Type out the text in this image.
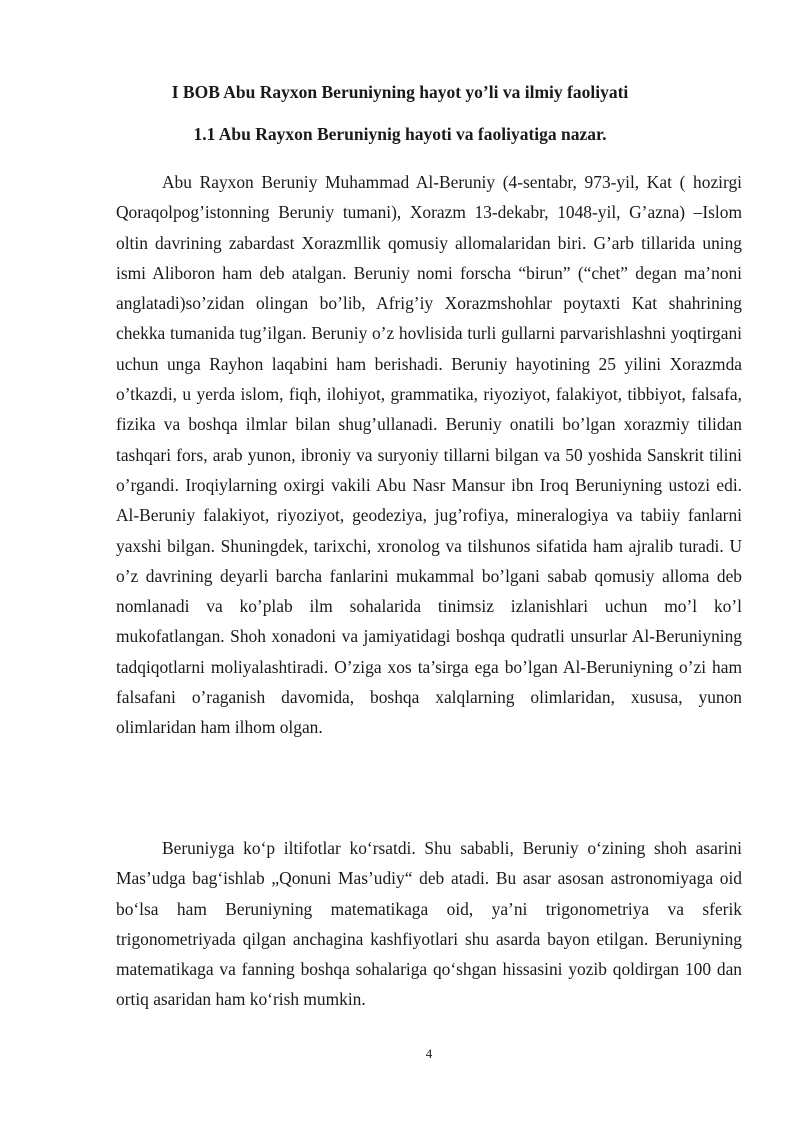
I BOB Abu Rayxon Beruniyning hayot yo’li va ilmiy faoliyati
1.1 Abu Rayxon Beruniynig hayoti va faoliyatiga nazar.

Abu Rayxon Beruniy Muhammad Al-Beruniy (4-sentabr, 973-yil, Kat ( hozirgi Qoraqolpog’istonning Beruniy tumani), Xorazm 13-dekabr, 1048-yil, G’azna) –Islom oltin davrining zabardast Xorazmllik qomusiy allomalaridan biri. G’arb tillarida uning ismi Aliboron ham deb atalgan. Beruniy nomi forscha “birun” (“chet” degan ma’noni anglatadi)so’zidan olingan bo’lib, Afrig’iy Xorazmshohlar poytaxti Kat shahrining chekka tumanida tug’ilgan. Beruniy o’z hovlisida turli gullarni parvarishlashni yoqtirgani uchun unga Rayhon laqabini ham berishadi. Beruniy hayotining 25 yilini Xorazmda o’tkazdi, u yerda islom, fiqh, ilohiyot, grammatika, riyoziyot, falakiyot, tibbiyot, falsafa, fizika va boshqa ilmlar bilan shug’ullanadi. Beruniy onatili bo’lgan xorazmiy tilidan tashqari fors, arab yunon, ibroniy va suryoniy tillarni bilgan va 50 yoshida Sanskrit tilini o’rgandi. Iroqiylarning oxirgi vakili Abu Nasr Mansur ibn Iroq Beruniyning ustozi edi. Al-Beruniy falakiyot, riyoziyot, geodeziya, jug’rofiya, mineralogiya va tabiiy fanlarni yaxshi bilgan. Shuningdek, tarixchi, xronolog va tilshunos sifatida ham ajralib turadi. U o’z davrining deyarli barcha fanlarini mukammal bo’lgani sabab qomusiy alloma deb nomlanadi va ko’plab ilm sohalarida tinimsiz izlanishlari uchun mo’l ko’l mukofatlangan. Shoh xonadoni va jamiyatidagi boshqa qudratli unsurlar Al-Beruniyning tadqiqotlarni moliyalashtiradi. O’ziga xos ta’sirga ega bo’lgan Al-Beruniyning o’zi ham falsafani o’raganish davomida, boshqa xalqlarning olimlaridan, xususa, yunon olimlaridan ham ilhom olgan.

Beruniyga ko‘p iltifotlar ko‘rsatdi. Shu sababli, Beruniy o‘zining shoh asarini Mas’udga bag‘ishlab „Qonuni Mas’udiy“ deb atadi. Bu asar asosan astronomiyaga oid bo‘lsa ham Beruniyning matematikaga oid, ya’ni trigonometriya va sferik trigonometriyada qilgan anchagina kashfiyotlari shu asarda bayon etilgan. Beruniyning matematikaga va fanning boshqa sohalariga qo‘shgan hissasini yozib qoldirgan 100 dan ortiq asaridan ham ko‘rish mumkin.

4
